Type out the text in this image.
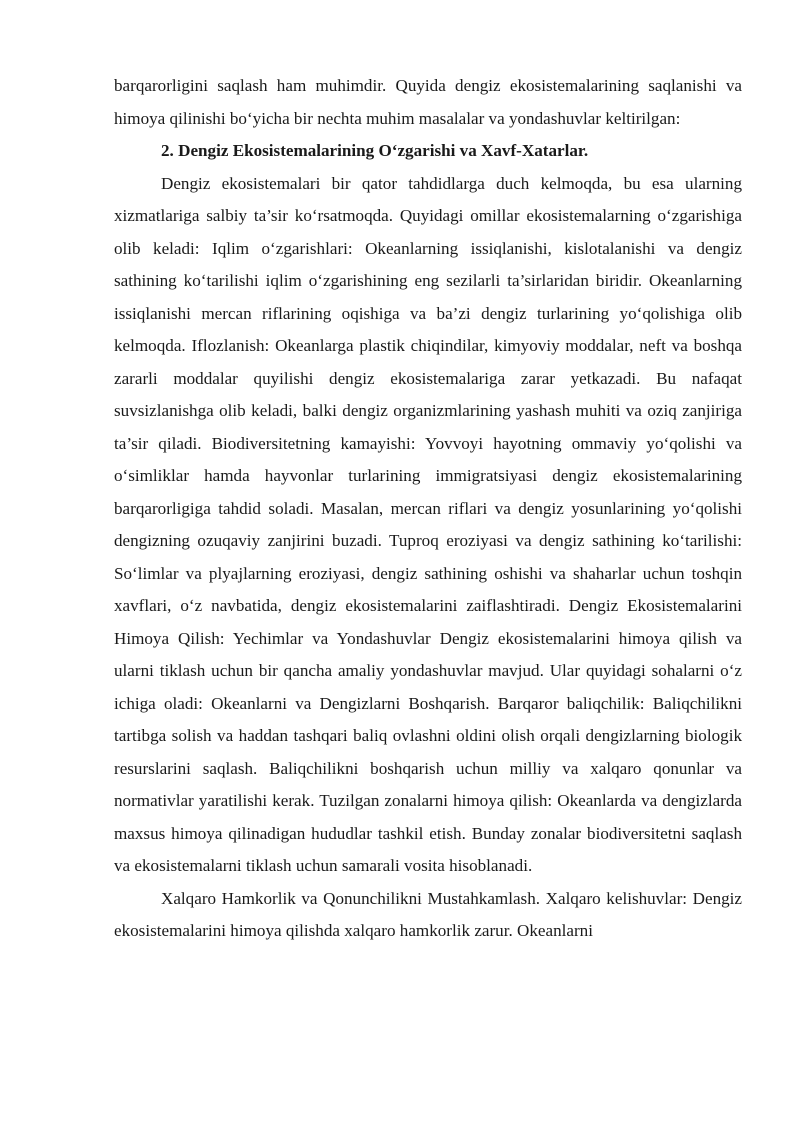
barqarorligini saqlash ham muhimdir. Quyida dengiz ekosistemalarining saqlanishi va himoya qilinishi bo‘yicha bir nechta muhim masalalar va yondashuvlar keltirilgan:

2. Dengiz Ekosistemalarining O‘zgarishi va Xavf-Xatarlar.

Dengiz ekosistemalari bir qator tahdidlarga duch kelmoqda, bu esa ularning xizmatlariga salbiy ta’sir ko‘rsatmoqda. Quyidagi omillar ekosistemalarning o‘zgarishiga olib keladi: Iqlim o‘zgarishlari: Okeanlarning issiqlanishi, kislotalanishi va dengiz sathining ko‘tarilishi iqlim o‘zgarishining eng sezilarli ta’sirlaridan biridir. Okeanlarning issiqlanishi mercan riflarining oqishiga va ba’zi dengiz turlarining yo‘qolishiga olib kelmoqda. Iflozlanish: Okeanlarga plastik chiqindilar, kimyoviy moddalar, neft va boshqa zararli moddalar quyilishi dengiz ekosistemalariga zarar yetkazadi. Bu nafaqat suvsizlanishga olib keladi, balki dengiz organizmlarining yashash muhiti va oziq zanjiriga ta’sir qiladi. Biodiversitetning kamayishi: Yovvoyi hayotning ommaviy yo‘qolishi va o‘simliklar hamda hayvonlar turlarining immigratsiyasi dengiz ekosistemalarining barqarorligiga tahdid soladi. Masalan, mercan riflari va dengiz yosunlarining yo‘qolishi dengizning ozuqaviy zanjirini buzadi. Tuproq eroziyasi va dengiz sathining ko‘tarilishi: So‘limlar va plyajlarning eroziyasi, dengiz sathining oshishi va shaharlar uchun toshqin xavflari, o‘z navbatida, dengiz ekosistemalarini zaiflashtiradi. Dengiz Ekosistemalarini Himoya Qilish: Yechimlar va Yondashuvlar Dengiz ekosistemalarini himoya qilish va ularni tiklash uchun bir qancha amaliy yondashuvlar mavjud. Ular quyidagi sohalarni o‘z ichiga oladi: Okeanlarni va Dengizlarni Boshqarish. Barqaror baliqchilik: Baliqchilikni tartibga solish va haddan tashqari baliq ovlashni oldini olish orqali dengizlarning biologik resurslarini saqlash. Baliqchilikni boshqarish uchun milliy va xalqaro qonunlar va normativlar yaratilishi kerak. Tuzilgan zonalarni himoya qilish: Okeanlarda va dengizlarda maxsus himoya qilinadigan hududlar tashkil etish. Bunday zonalar biodiversitetni saqlash va ekosistemalarni tiklash uchun samarali vosita hisoblanadi.

Xalqaro Hamkorlik va Qonunchilikni Mustahkamlash. Xalqaro kelishuvlar: Dengiz ekosistemalarini himoya qilishda xalqaro hamkorlik zarur. Okeanlarni
